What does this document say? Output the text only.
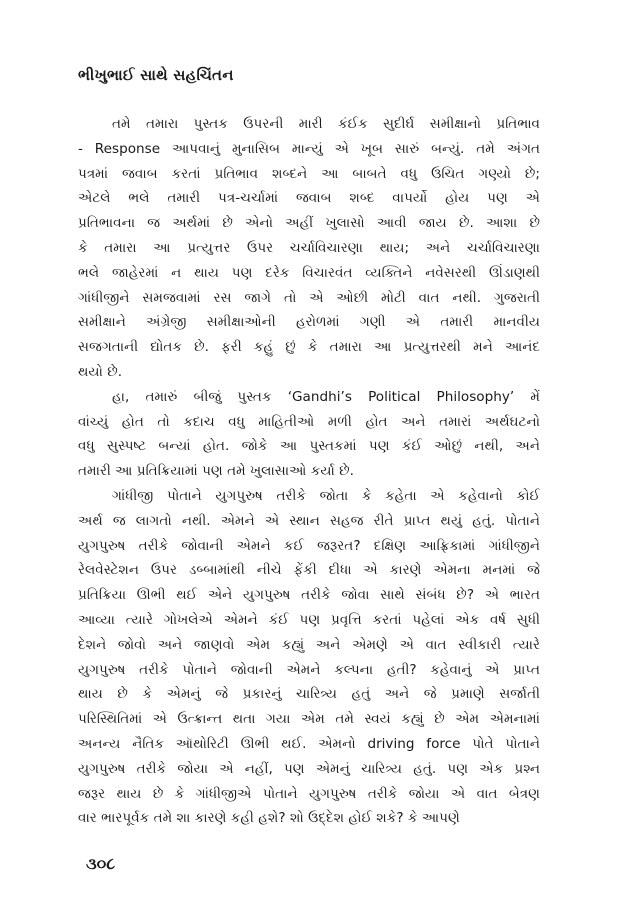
ભીખુભાઈ સાથે સહચિંતન
તમે તમારા પુસ્તક ઉપરની મારી કંઈક સુદીર્ઘ સમીક્ષાનો પ્રતિભાવ
- Response આપવાનું મુનાસિબ માન્યું એ ખૂબ સારું બન્યું. તમે અંગત
પત્રમાં જવાબ કરતાં પ્રતિભાવ શબ્દને આ બાબતે વધુ ઉચિત ગણ્યો છે;
એટલે ભલે તમારી પત્ર-ચર્ચામાં જવાબ શબ્દ વાપર્યો હોય પણ એ
પ્રતિભાવના જ અર્થમાં છે એનો અહીં ખુલાસો આવી જાય છે. આશા છે
કે તમારા આ પ્રત્યુત્તર ઉપર ચર્ચાવિચારણા થાય; અને ચર્ચાવિચારણા
ભલે જાહેરમાં ન થાય પણ દરેક વિચારવંત વ્યક્તિને નવેસરથી ઊંડાણથી
ગાંધીજીને સમજવામાં રસ જાગે તો એ ઓછી મોટી વાત નથી. ગુજરાતી
સમીક્ષાને અંગ્રેજી સમીક્ષાઓની હરોળમાં ગણી એ તમારી માનવીય
સજગતાની દ્યોતક છે. ફરી કહું છું કે તમારા આ પ્રત્યુત્તરથી મને આનંદ
થયો છે.
હા, તમારું બીજું પુસ્તક ‘Gandhi’s Political Philosophy’ મેં
વાંચ્યું હોત તો કદાચ વધુ માહિતીઓ મળી હોત અને તમારાં અર્થઘટનો
વધુ સુસ્પષ્ટ બન્યાં હોત. જોકે આ પુસ્તકમાં પણ કંઈ ઓછું નથી, અને
તમારી આ પ્રતિક્રિયામાં પણ તમે ખુલાસાઓ કર્યા છે.
ગાંધીજી પોતાને યુગપુરુષ તરીકે જોતા કે કહેતા એ કહેવાનો કોઈ
અર્થ જ લાગતો નથી. એમને એ સ્થાન સહજ રીતે પ્રાપ્ત થયું હતું. પોતાને
યુગપુરુષ તરીકે જોવાની એમને કઈ જરૂરત? દક્ષિણ આફ્રિકામાં ગાંધીજીને
રેલવેસ્ટેશન ઉપર ડબ્બામાંથી નીચે ફેંકી દીધા એ કારણે એમના મનમાં જે
પ્રતિક્રિયા ઊભી થઈ એને યુગપુરુષ તરીકે જોવા સાથે સંબંધ છે? એ ભારત
આવ્યા ત્યારે ગોખલેએ એમને કંઈ પણ પ્રવૃત્તિ કરતાં પહેલાં એક વર્ષ સુધી
દેશને જોવો અને જાણવો એમ કહ્યું અને એમણે એ વાત સ્વીકારી ત્યારે
યુગપુરુષ તરીકે પોતાને જોવાની એમને કલ્પના હતી? કહેવાનું એ પ્રાપ્ત
થાય છે કે એમનું જે પ્રકારનું ચારિત્ર્ય હતું અને જે પ્રમાણે સર્જાતી
પરિસ્થિતિમાં એ ઉત્ક્રાન્ત થતા ગયા એમ તમે સ્વયં કહ્યું છે એમ એમનામાં
અનન્ય નૈતિક ઑથોરિટી ઊભી થઈ. એમનો driving force પોતે પોતાને
યુગપુરુષ તરીકે જોયા એ નહીં, પણ એમનું ચારિત્ર્ય હતું. પણ એક પ્રશ્ન
જરૂર થાય છે કે ગાંધીજીએ પોતાને યુગપુરુષ તરીકે જોયા એ વાત બેત્રણ
વાર ભારપૂર્વક તમે શા કારણે કહી હશે? શો ઉદ્દેશ હોઈ શકે? કે આપણે
૩૦૮
